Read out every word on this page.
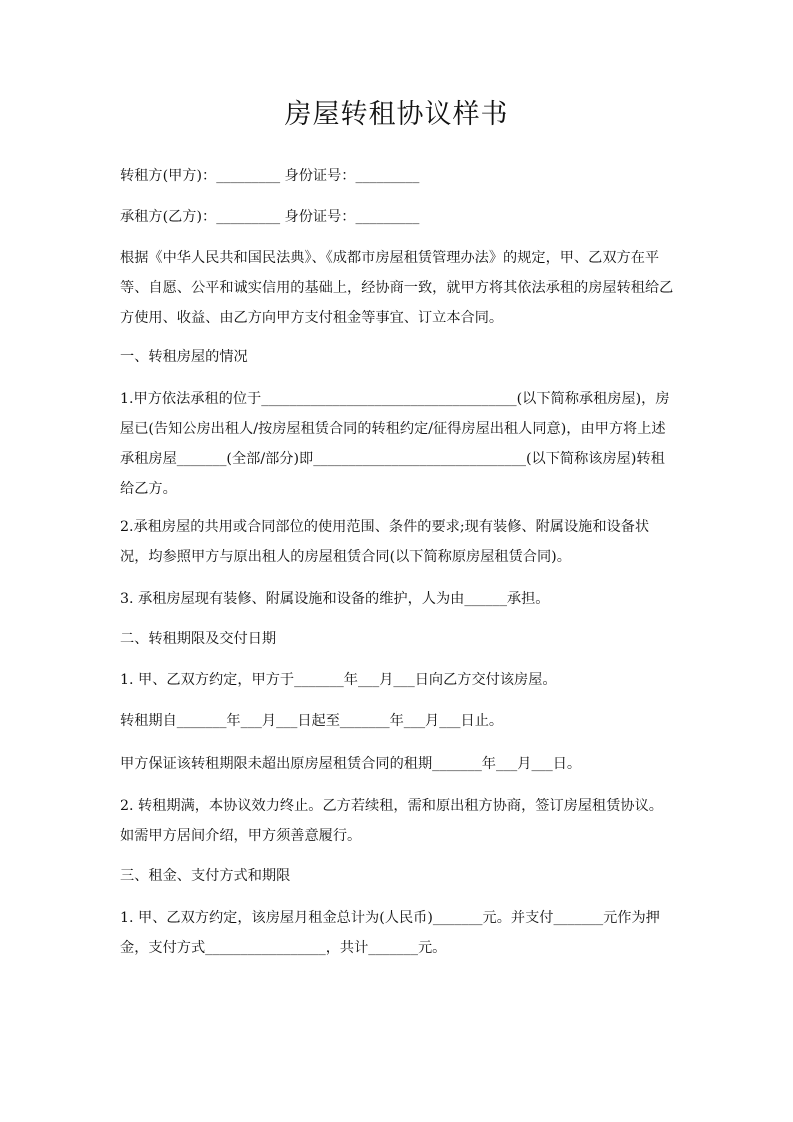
房屋转租协议样书

转租方(甲方)：_________ 身份证号：_________

承租方(乙方)：_________ 身份证号：_________

根据《中华人民共和国民法典》、《成都市房屋租赁管理办法》的规定，甲、乙双方在平等、自愿、公平和诚实信用的基础上，经协商一致，就甲方将其依法承租的房屋转租给乙方使用、收益、由乙方向甲方支付租金等事宜、订立本合同。

一、转租房屋的情况

1.甲方依法承租的位于____________________________________(以下简称承租房屋)，房屋已(告知公房出租人/按房屋租赁合同的转租约定/征得房屋出租人同意)，由甲方将上述承租房屋_______(全部/部分)即______________________________(以下简称该房屋)转租给乙方。

2.承租房屋的共用或合同部位的使用范围、条件的要求;现有装修、附属设施和设备状况，均参照甲方与原出租人的房屋租赁合同(以下简称原房屋租赁合同)。

3. 承租房屋现有装修、附属设施和设备的维护，人为由______承担。

二、转租期限及交付日期

1. 甲、乙双方约定，甲方于_______年___月___日向乙方交付该房屋。

转租期自_______年___月___日起至_______年___月___日止。

甲方保证该转租期限未超出原房屋租赁合同的租期_______年___月___日。

2. 转租期满，本协议效力终止。乙方若续租，需和原出租方协商，签订房屋租赁协议。如需甲方居间介绍，甲方须善意履行。

三、租金、支付方式和期限

1. 甲、乙双方约定，该房屋月租金总计为(人民币)_______元。并支付_______元作为押金，支付方式_________________，共计_______元。
